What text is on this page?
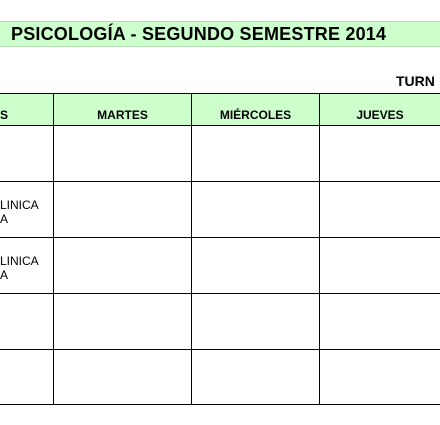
PSICOLOGÍA - SEGUNDO SEMESTRE 2014
TURN
S	MARTES	MIÉRCOLES	JUEVES
LINICA
A
LINICA
A
